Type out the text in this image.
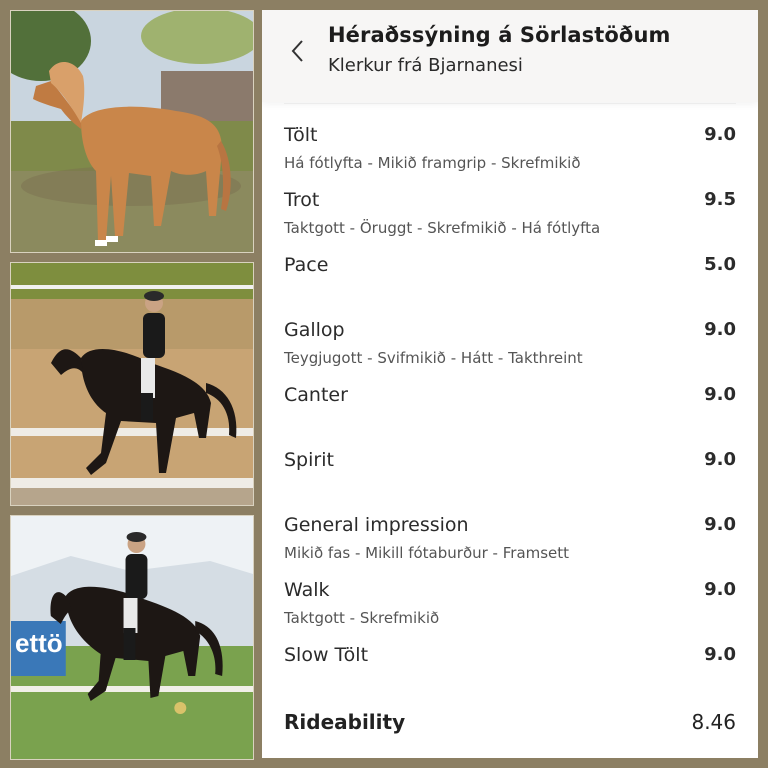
ettö
Héraðssýning á Sörlastöðum
Klerkur frá Bjarnanesi
Tölt	9.0
Há fótlyfta - Mikið framgrip - Skrefmikið
Trot	9.5
Taktgott - Öruggt - Skrefmikið - Há fótlyfta
Pace	5.0
Gallop	9.0
Teygjugott - Svifmikið - Hátt - Takthreint
Canter	9.0
Spirit	9.0
General impression	9.0
Mikið fas - Mikill fótaburður - Framsett
Walk	9.0
Taktgott - Skrefmikið
Slow Tölt	9.0
Rideability	8.46
